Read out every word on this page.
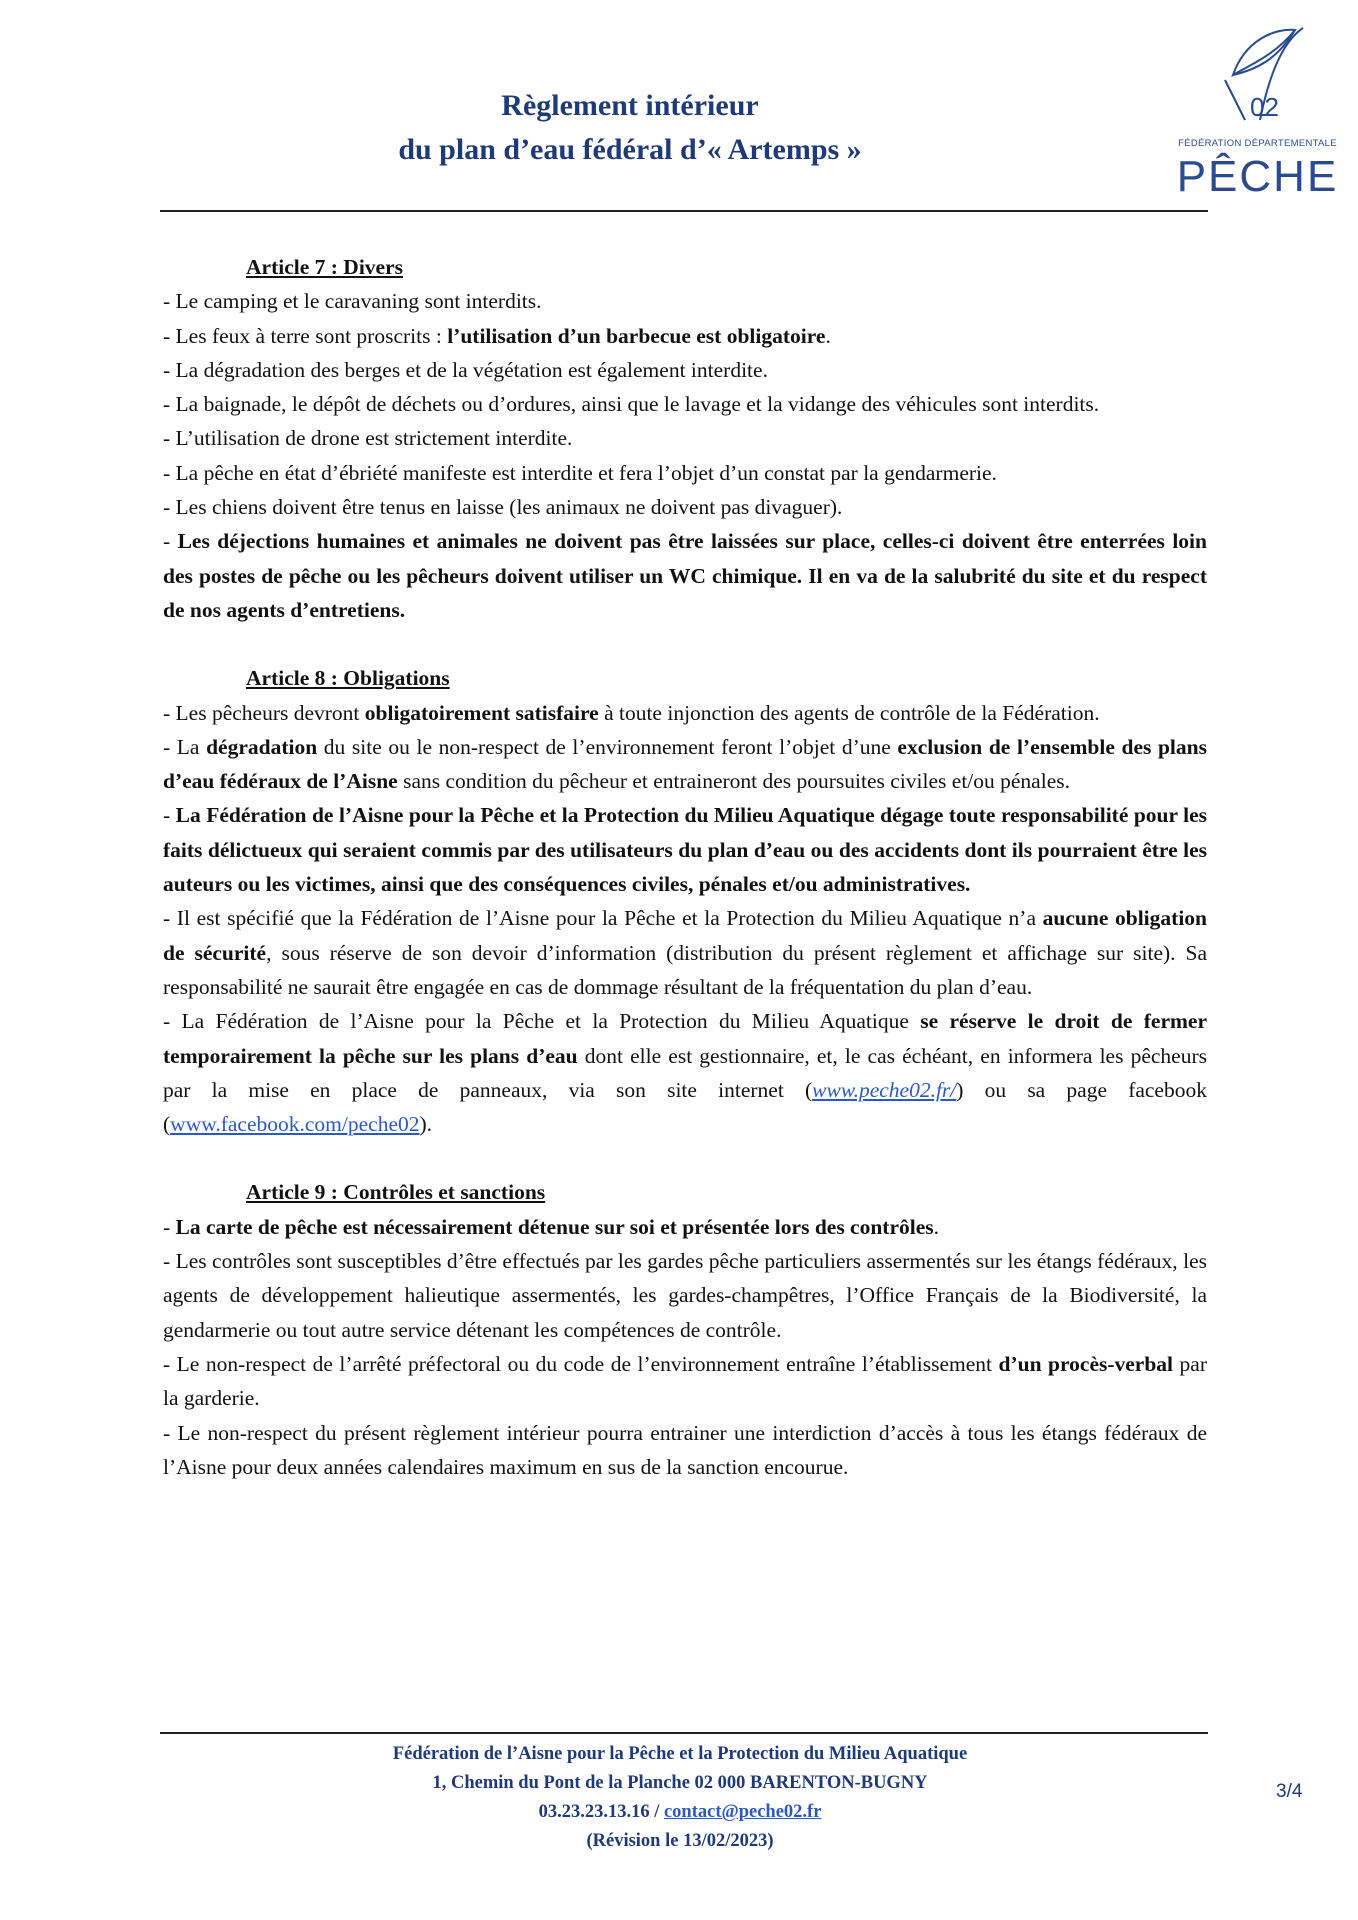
Règlement intérieur
du plan d’eau fédéral d’« Artemps »
02
FÉDÉRATION DÉPARTEMENTALE
PÊCHE

Article 7 : Divers

- Le camping et le caravaning sont interdits.

- Les feux à terre sont proscrits : l’utilisation d’un barbecue est obligatoire.

- La dégradation des berges et de la végétation est également interdite.

- La baignade, le dépôt de déchets ou d’ordures, ainsi que le lavage et la vidange des véhicules sont interdits.

- L’utilisation de drone est strictement interdite.

- La pêche en état d’ébriété manifeste est interdite et fera l’objet d’un constat par la gendarmerie.

- Les chiens doivent être tenus en laisse (les animaux ne doivent pas divaguer).

- Les déjections humaines et animales ne doivent pas être laissées sur place, celles-ci doivent être enterrées loin des postes de pêche ou les pêcheurs doivent utiliser un WC chimique. Il en va de la salubrité du site et du respect de nos agents d’entretiens.

Article 8 : Obligations

- Les pêcheurs devront obligatoirement satisfaire à toute injonction des agents de contrôle de la Fédération.

- La dégradation du site ou le non-respect de l’environnement feront l’objet d’une exclusion de l’ensemble des plans d’eau fédéraux de l’Aisne sans condition du pêcheur et entraineront des poursuites civiles et/ou pénales.

- La Fédération de l’Aisne pour la Pêche et la Protection du Milieu Aquatique dégage toute responsabilité pour les faits délictueux qui seraient commis par des utilisateurs du plan d’eau ou des accidents dont ils pourraient être les auteurs ou les victimes, ainsi que des conséquences civiles, pénales et/ou administratives.

- Il est spécifié que la Fédération de l’Aisne pour la Pêche et la Protection du Milieu Aquatique n’a aucune obligation de sécurité, sous réserve de son devoir d’information (distribution du présent règlement et affichage sur site). Sa responsabilité ne saurait être engagée en cas de dommage résultant de la fréquentation du plan d’eau.

- La Fédération de l’Aisne pour la Pêche et la Protection du Milieu Aquatique se réserve le droit de fermer temporairement la pêche sur les plans d’eau dont elle est gestionnaire, et, le cas échéant, en informera les pêcheurs par la mise en place de panneaux, via son site internet (www.peche02.fr/) ou sa page facebook (www.facebook.com/peche02).

Article 9 : Contrôles et sanctions

- La carte de pêche est nécessairement détenue sur soi et présentée lors des contrôles.

- Les contrôles sont susceptibles d’être effectués par les gardes pêche particuliers assermentés sur les étangs fédéraux, les agents de développement halieutique assermentés, les gardes-champêtres, l’Office Français de la Biodiversité, la gendarmerie ou tout autre service détenant les compétences de contrôle.

- Le non-respect de l’arrêté préfectoral ou du code de l’environnement entraîne l’établissement d’un procès-verbal par la garderie.

- Le non-respect du présent règlement intérieur pourra entrainer une interdiction d’accès à tous les étangs fédéraux de l’Aisne pour deux années calendaires maximum en sus de la sanction encourue.

Fédération de l’Aisne pour la Pêche et la Protection du Milieu Aquatique
1, Chemin du Pont de la Planche 02 000 BARENTON-BUGNY
03.23.23.13.16 / contact@peche02.fr
(Révision le 13/02/2023)
3/4
